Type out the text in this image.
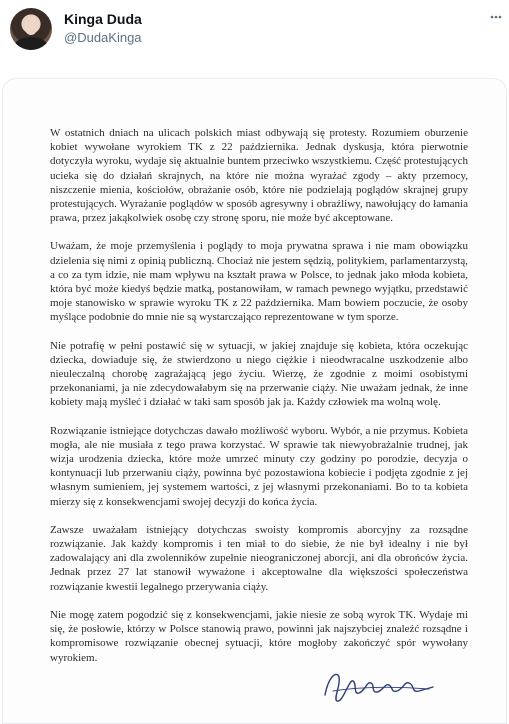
Kinga Duda
@DudaKinga

W ostatnich dniach na ulicach polskich miast odbywają się protesty. Rozumiem oburzenie kobiet wywołane wyrokiem TK z 22 października. Jednak dyskusja, która pierwotnie dotyczyła wyroku, wydaje się aktualnie buntem przeciwko wszystkiemu. Część protestujących ucieka się do działań skrajnych, na które nie można wyrażać zgody – akty przemocy, niszczenie mienia, kościołów, obrażanie osób, które nie podzielają poglądów skrajnej grupy protestujących. Wyrażanie poglądów w sposób agresywny i obraźliwy, nawołujący do łamania prawa, przez jakąkolwiek osobę czy stronę sporu, nie może być akceptowane.

Uważam, że moje przemyślenia i poglądy to moja prywatna sprawa i nie mam obowiązku dzielenia się nimi z opinią publiczną. Chociaż nie jestem sędzią, polityk​iem, parlamentarzystą, a co za tym idzie, nie mam wpływu na kształt prawa w Polsce, to jednak jako młoda kobieta, która być może kiedyś będzie matką, postanowiłam, w ramach pewnego wyjątku, przedstawić moje stanowisko w sprawie wyroku TK z 22 października. Mam bowiem poczucie, że osoby myślące podobnie do mnie nie są wystarczająco reprezentowane w tym sporze.

Nie potrafię w pełni postawić się w sytuacji, w jakiej znajduje się kobieta, która oczekując dziecka, dowiaduje się, że stwierdzono u niego ciężkie i nieodwracalne uszkodzenie albo nieuleczalną chorobę zagrażającą jego życiu. Wierzę, że zgodnie z moimi osobistymi przekonaniami, ja nie zdecydowałabym się na przerwanie ciąży. Nie uważam jednak, że inne kobiety mają myśleć i działać w taki sam sposób jak ja. Każdy człowiek ma wolną wolę.

Rozwiązanie istniejące dotychczas dawało możliwość wyboru. Wybór, a nie przymus. Kobieta mogła, ale nie musiała z tego prawa korzystać. W sprawie tak niewyobrażalnie trudnej, jak wizja urodzenia dziecka, które może umrzeć minuty czy godziny po porodzie, decyzja o kontynuacji lub przerwaniu ciąży, powinna być pozostawiona kobiecie i podjęta zgodnie z jej własnym sumieniem, jej systemem wartości, z jej własnymi przekonaniami. Bo to ta kobieta mierzy się z konsekwencjami swojej decyzji do końca życia.

Zawsze uważałam istniejący dotychczas swoisty kompromis aborcyjny za rozsądne rozwiązanie. Jak każdy kompromis i ten miał to do siebie, że nie był idealny i nie był zadowalający ani dla zwolenników zupełnie nieograniczonej aborcji, ani dla obrońców życia. Jednak przez 27 lat stanowił wyważone i akceptowalne dla większości społeczeństwa rozwiązanie kwestii legalnego przerywania ciąży.

Nie mogę zatem pogodzić się z konsekwencjami, jakie niesie ze sobą wyrok TK. Wydaje mi się, że posłowie, którzy w Polsce stanowią prawo, powinni jak najszybciej znaleźć rozsądne i kompromisowe rozwiązanie obecnej sytuacji, które mogłoby zakończyć spór wywołany wyrokiem.
